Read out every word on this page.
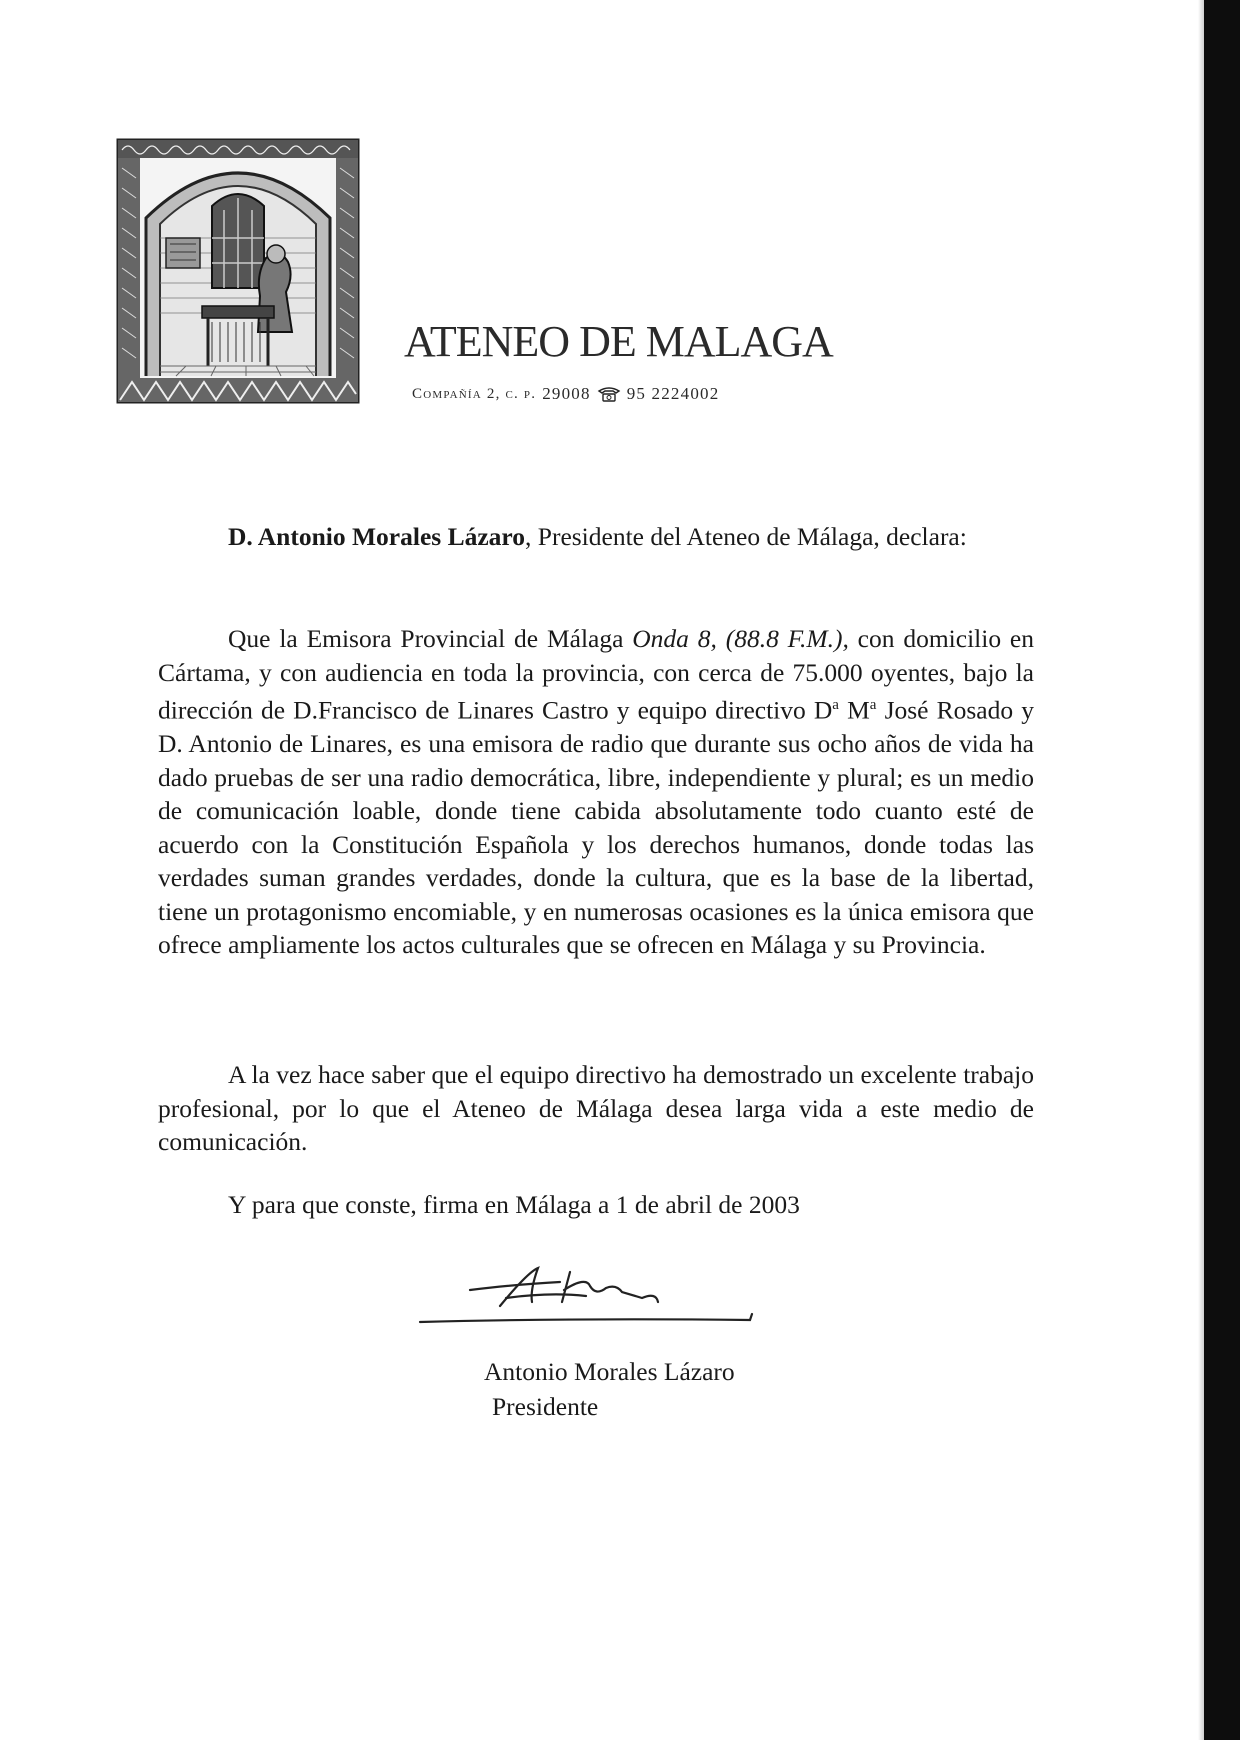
ATENEO DE MALAGA
Compañía 2, c. p. 29008 95 2224002

D. Antonio Morales Lázaro, Presidente del Ateneo de Málaga, declara:

Que la Emisora Provincial de Málaga Onda 8, (88.8 F.M.), con domicilio en Cártama, y con audiencia en toda la provincia, con cerca de 75.000 oyentes, bajo la dirección de D.Francisco de Linares Castro y equipo directivo $D^a$ $M^a$ José Rosado y D. Antonio de Linares, es una emisora de radio que durante sus ocho años de vida ha dado pruebas de ser una radio democrática, libre, independiente y plural; es un medio de comunicación loable, donde tiene cabida absolutamente todo cuanto esté de acuerdo con la Constitución Española y los derechos humanos, donde todas las verdades suman grandes verdades, donde la cultura, que es la base de la libertad, tiene un protagonismo encomiable, y en numerosas ocasiones es la única emisora que ofrece ampliamente los actos culturales que se ofrecen en Málaga y su Provincia.

A la vez hace saber que el equipo directivo ha demostrado un excelente trabajo profesional, por lo que el Ateneo de Málaga desea larga vida a este medio de comunicación.

Y para que conste, firma en Málaga a 1 de abril de 2003
Antonio Morales Lázaro
Presidente
